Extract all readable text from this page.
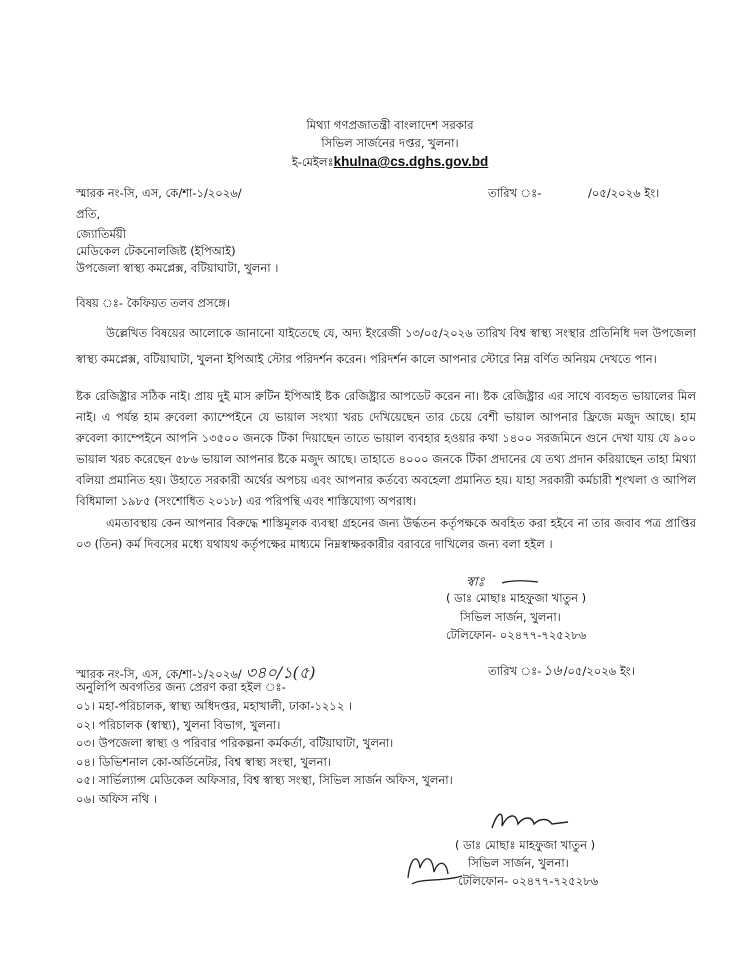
মিথ্যা গণপ্রজাতন্ত্রী বাংলাদেশ সরকার
সিভিল সার্জনের দপ্তর, খুলনা।
ই-মেইলঃkhulna@cs.dghs.gov.bd
স্মারক নং-সি, এস, কে/শা-১/২০২৬/	তারিখ ঃ-	/০৫/২০২৬ ইং।
প্রতি,
জ্যোতির্ময়ী
মেডিকেল টেকনোলজিষ্ট (ইপিআই)
উপজেলা স্বাস্থ্য কমপ্লেক্স, বটিয়াঘাটা, খুলনা ।
বিষয় ঃ- কৈফিয়ত তলব প্রসঙ্গে।

উল্লেখিত বিষয়ের আলোকে জানানো যাইতেছে যে, অদ্য ইংরেজী ১৩/০৫/২০২৬ তারিখ বিশ্ব স্বাস্থ্য সংস্থার প্রতিনিধি দল উপজেলা স্বাস্থ্য কমপ্লেক্স, বটিয়াঘাটা, খুলনা ইপিআই স্টোর পরিদর্শন করেন। পরিদর্শন কালে আপনার স্টোরে নিম্ন বর্ণিত অনিয়ম দেখতে পান।

ষ্টক রেজিষ্ট্রার সঠিক নাই। প্রায় দুই মাস রুটিন ইপিআই ষ্টক রেজিষ্ট্রার আপডেট করেন না। ষ্টক রেজিষ্ট্রার এর সাথে ব্যবহৃত ভায়ালের মিল নাই। এ পর্যন্ত হাম রুবেলা ক্যাম্পেইনে যে ভায়াল সংখ্যা খরচ দেখিয়েছেন তার চেয়ে বেশী ভায়াল আপনার ফ্রিজে মজুদ আছে। হাম রুবেলা ক্যাম্পেইনে আপনি ১৩৫০০ জনকে টিকা দিয়াছেন তাতে ভায়াল ব্যবহার হওয়ার কথা ১৪০০ সরজমিনে গুনে দেখা যায় যে ৯০০ ভায়াল খরচ করেছেন ৫৮৬ ভায়াল আপনার ষ্টকে মজুদ আছে। তাহাতে ৪০০০ জনকে টিকা প্রদানের যে তথ্য প্রদান করিয়াছেন তাহা মিথ্যা বলিয়া প্রমানিত হয়। উহাতে সরকারী অর্থের অপচয় এবং আপনার কর্তব্যে অবহেলা প্রমানিত হয়। যাহা সরকারী কর্মচারী শৃংখলা ও আপিল বিধিমালা ১৯৮৫ (সংশোধিত ২০১৮) এর পরিপন্থি এবং শাস্তিযোগ্য অপরাধ।

এমতাবস্থায় কেন আপনার বিরুদ্ধে শাস্তিমূলক ব্যবস্থা গ্রহনের জন্য উর্দ্ধতন কর্তৃপক্ষকে অবহিত করা হইবে না তার জবাব পত্র প্রাপ্তির ০৩ (তিন) কর্ম দিবসের মধ্যে যথাযথ কর্তৃপক্ষের মাধ্যমে নিম্নস্বাক্ষরকারীর বরাবরে দাখিলের জন্য বলা হইল ।

স্বাঃ
( ডাঃ মোছাঃ মাহফুজা খাতুন )
সিভিল সার্জন, খুলনা।
টেলিফোন- ০২৪৭৭-৭২৫২৮৬
স্মারক নং-সি, এস, কে/শা-১/২০২৬/ ৩৪০/১(৫)	তারিখ ঃ- ১৬ /০৫/২০২৬ ইং।
অনুলিপি অবগতির জন্য প্রেরণ করা হইল ঃ-
০১। মহা-পরিচালক, স্বাস্থ্য অধিদপ্তর, মহাখালী, ঢাকা-১২১২ ।
০২। পরিচালক (স্বাস্থ্য), খুলনা বিভাগ, খুলনা।
০৩। উপজেলা স্বাস্থ্য ও পরিবার পরিকল্পনা কর্মকর্তা, বটিয়াঘাটা, খুলনা।
০৪। ডিভিশনাল কো-অর্ডিনেটর, বিশ্ব স্বাস্থ্য সংস্থা, খুলনা।
০৫। সার্ভিল্যান্স মেডিকেল অফিসার, বিশ্ব স্বাস্থ্য সংস্থা, সিভিল সার্জন অফিস, খুলনা।
০৬। অফিস নথি ।
( ডাঃ মোছাঃ মাহফুজা খাতুন )
সিভিল সার্জন, খুলনা।
টেলিফোন- ০২৪৭৭-৭২৫২৮৬
